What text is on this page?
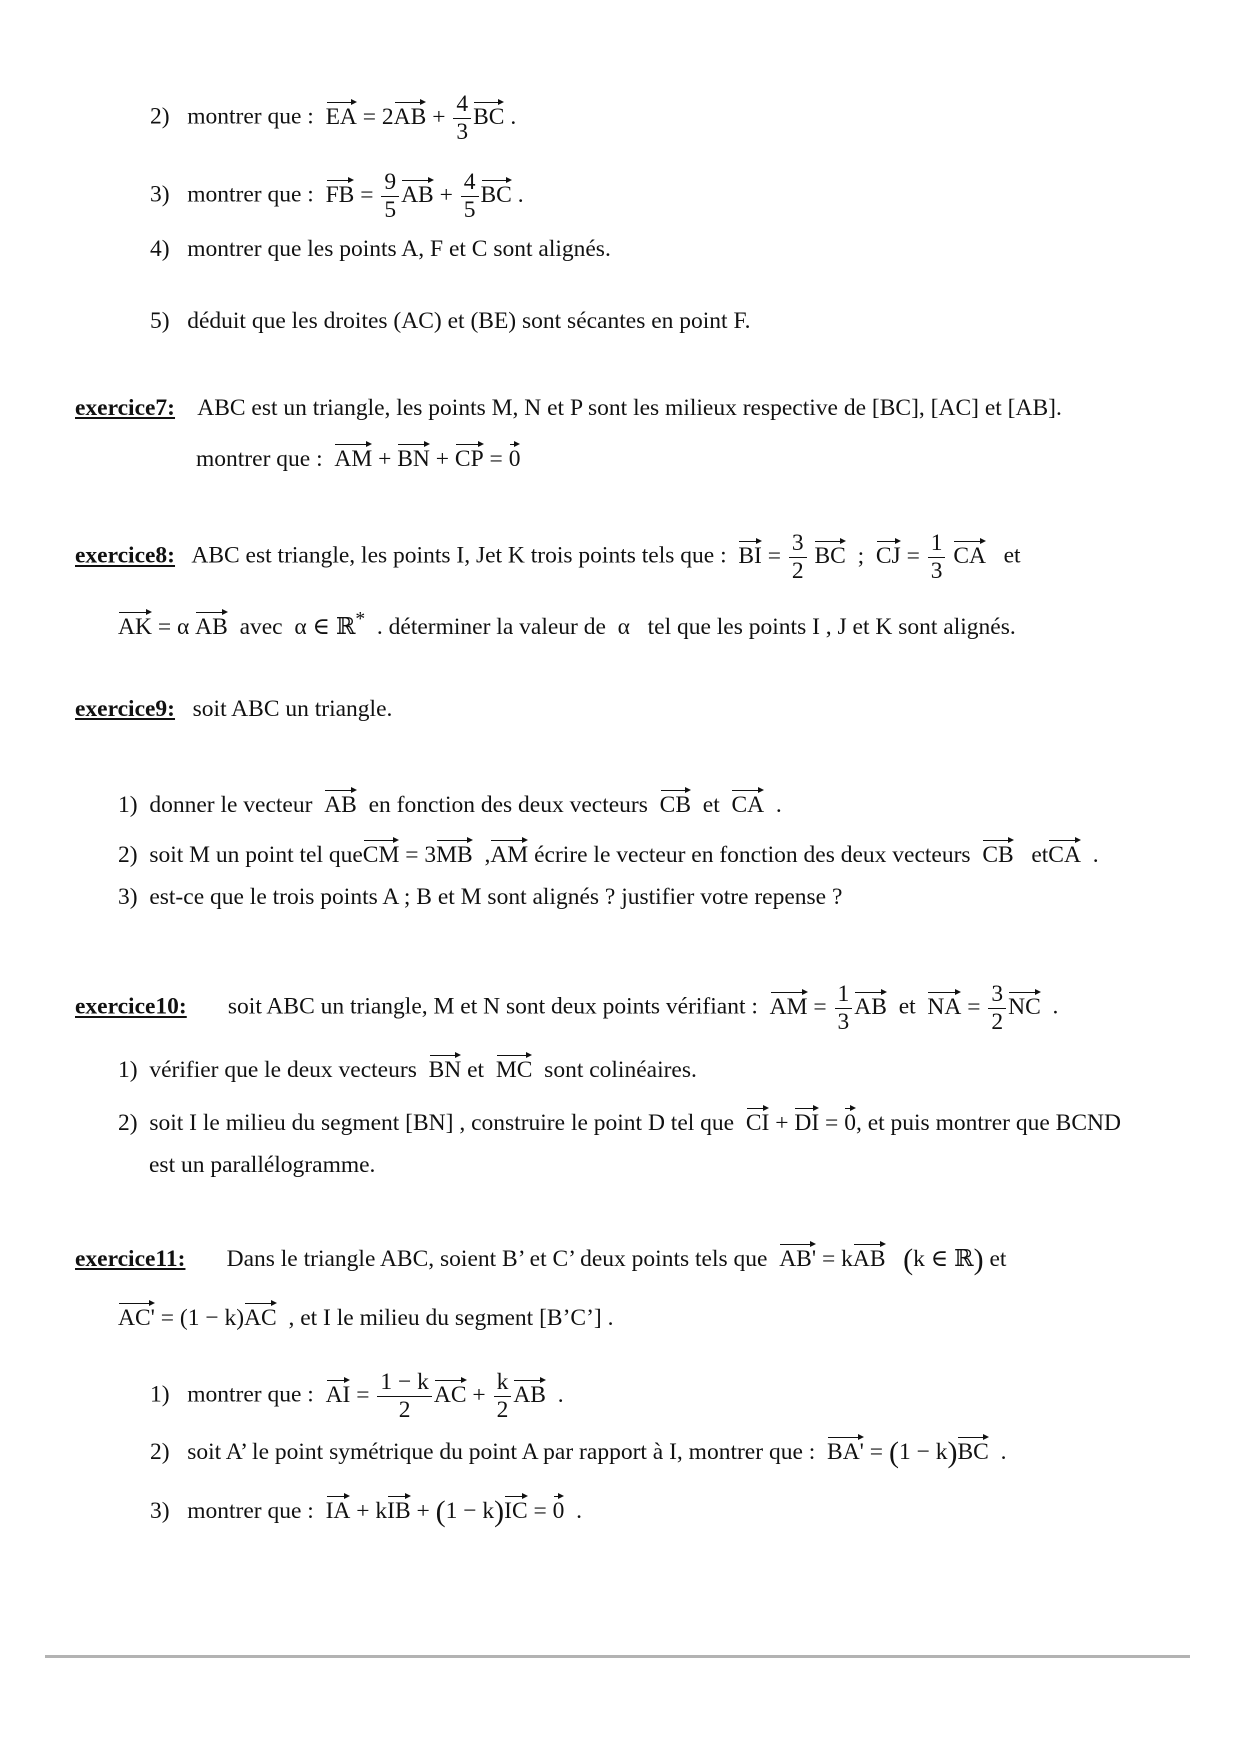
2) montrer que : EA = $2AB + \frac{4}{3}$ BC .
3) montrer que : FB = $\frac{9}{5}$ AB + $\frac{4}{5}$ BC .
4) montrer que les points A, F et C sont alignés.
5) déduit que les droites (AC) et (BE) sont sécantes en point F.
exercice7: ABC est un triangle, les points M, N et P sont les milieux respective de [BC], [AC] et [AB].
montrer que : AM + BN + CP = 0
exercice8: ABC est triangle, les points I, Jet K trois points tels que : BI = $\frac{3}{2}$ BC  ;  CJ = $\frac{1}{3}$ CA et
AK = α AB avec α ∈ ℝ* . déterminer la valeur de  α   tel que les points I , J et K sont alignés.
exercice9: soit ABC un triangle.
1) donner le vecteur AB en fonction des deux vecteurs CB et CA  .
2) soit M un point tel queCM = 3MB  ,AM écrire le vecteur en fonction des deux vecteurs CB etCA  .
3) est-ce que le trois points A ; B et M sont alignés ? justifier votre repense ?
exercice10: soit ABC un triangle, M et N sont deux points vérifiant : AM = $\frac{1}{3}$ AB et NA = $\frac{3}{2}$ NC  .
1) vérifier que le deux vecteurs BN et MC sont colinéaires.
2) soit I le milieu du segment [BN] , construire le point D tel que CI + DI = 0, et puis montrer que BCND
est un parallélogramme.
exercice11: Dans le triangle ABC, soient B’ et C’ deux points tels que AB' = kAB (k ∈ ℝ) et
AC' = (1 − k)AC , et I le milieu du segment [B’C’] .
1) montrer que : AI = $\frac{1 - k}{2}$ AC + $\frac{k}{2}$ AB  .
2) soit A’ le point symétrique du point A par rapport à I, montrer que : BA' = (1 − k)BC  .
3) montrer que : IA + kIB + (1 − k)IC = 0  .
